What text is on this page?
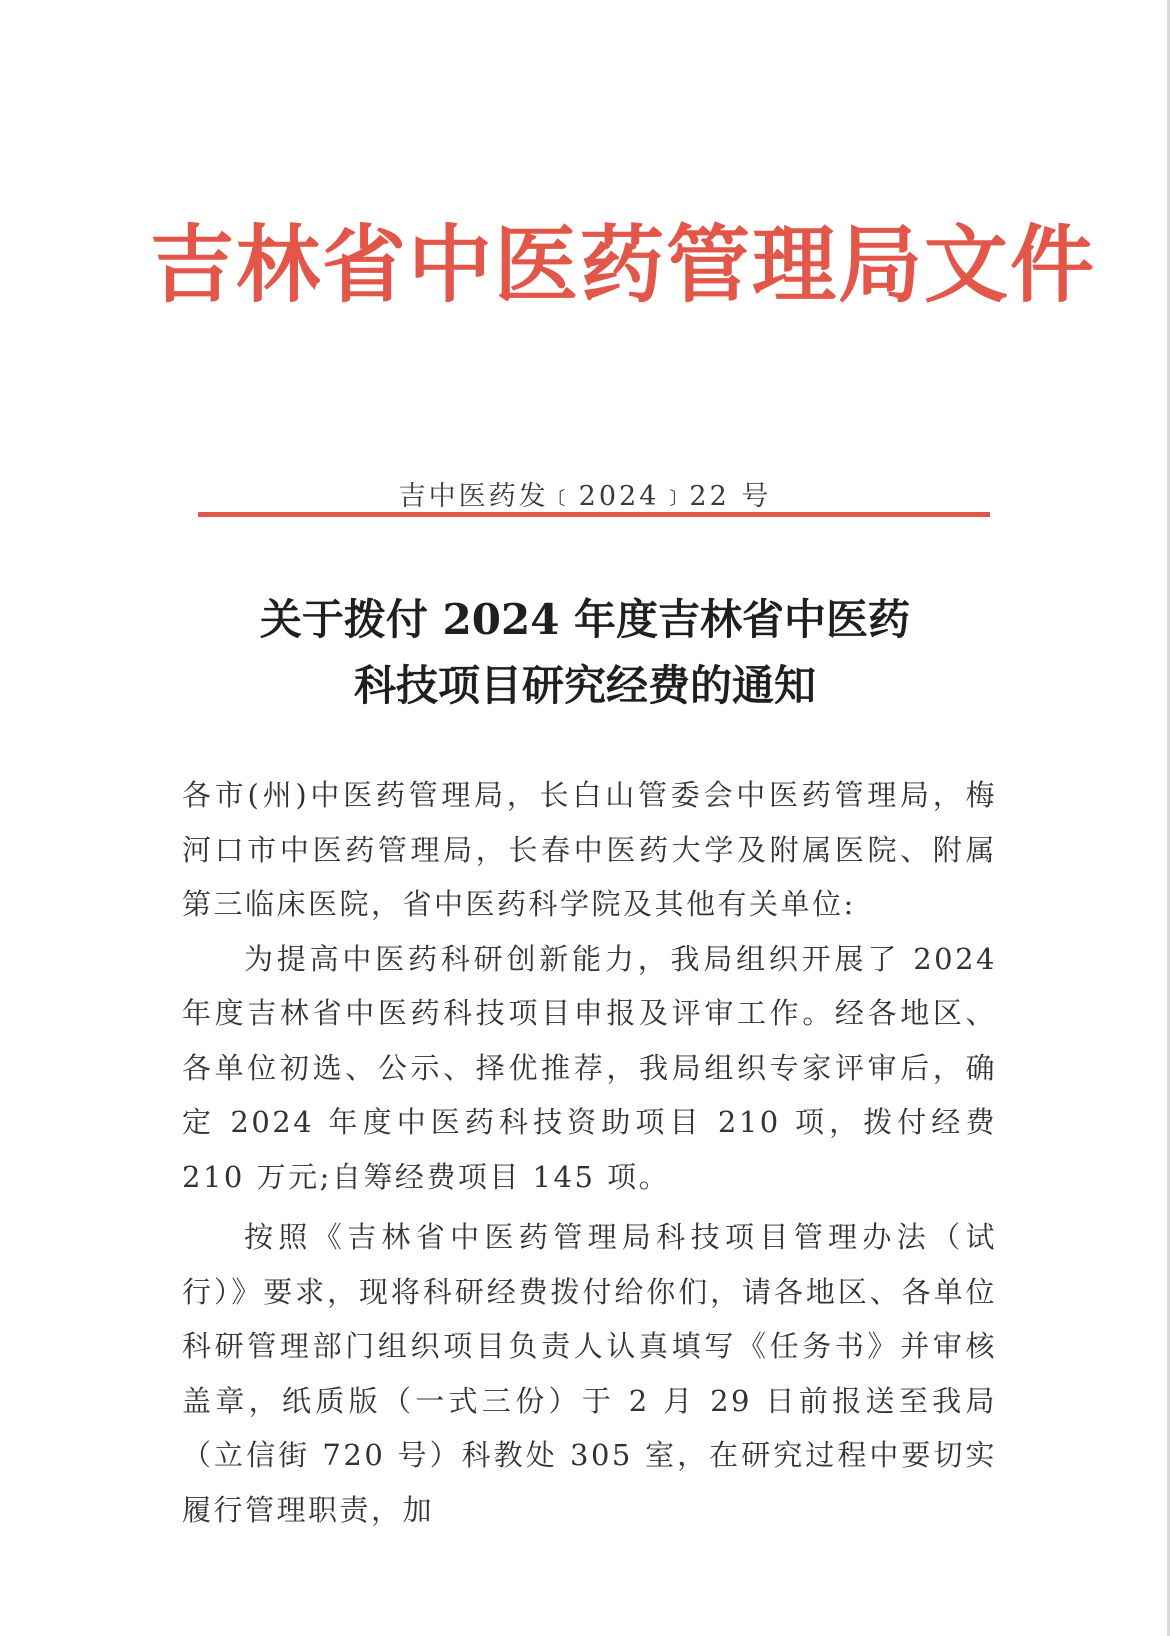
吉林省中医药管理局文件
吉中医药发﹝2024﹞22 号
关于拨付 2024 年度吉林省中医药
科技项目研究经费的通知

各市(州)中医药管理局，长白山管委会中医药管理局，梅河口市中医药管理局，长春中医药大学及附属医院、附属第三临床医院，省中医药科学院及其他有关单位:

为提高中医药科研创新能力，我局组织开展了 2024 年度吉林省中医药科技项目申报及评审工作。经各地区、各单位初选、公示、择优推荐，我局组织专家评审后，确定 2024 年度中医药科技资助项目 210 项，拨付经费 210 万元;自筹经费项目 145 项。

按照《吉林省中医药管理局科技项目管理办法（试行）》要求，现将科研经费拨付给你们，请各地区、各单位科研管理部门组织项目负责人认真填写《任务书》并审核盖章，纸质版（一式三份）于 2 月 29 日前报送至我局（立信街 720 号）科教处 305 室，在研究过程中要切实履行管理职责，加
